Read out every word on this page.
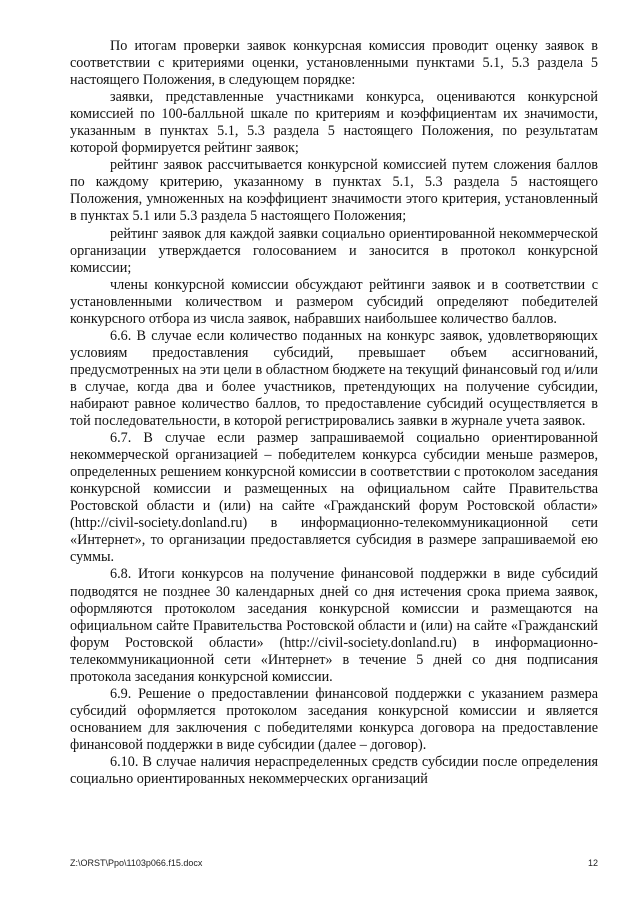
По итогам проверки заявок конкурсная комиссия проводит оценку заявок в соответствии с критериями оценки, установленными пунктами 5.1, 5.3 раздела 5 настоящего Положения, в следующем порядке:

заявки, представленные участниками конкурса, оцениваются конкурсной комиссией по 100-балльной шкале по критериям и коэффициентам их значимости, указанным в пунктах 5.1, 5.3 раздела 5 настоящего Положения, по результатам которой формируется рейтинг заявок;

рейтинг заявок рассчитывается конкурсной комиссией путем сложения баллов по каждому критерию, указанному в пунктах 5.1, 5.3 раздела 5 настоящего Положения, умноженных на коэффициент значимости этого критерия, установленный в пунктах 5.1 или 5.3 раздела 5 настоящего Положения;

рейтинг заявок для каждой заявки социально ориентированной некоммерческой организации утверждается голосованием и заносится в протокол конкурсной комиссии;

члены конкурсной комиссии обсуждают рейтинги заявок и в соответствии с установленными количеством и размером субсидий определяют победителей конкурсного отбора из числа заявок, набравших наибольшее количество баллов.

6.6. В случае если количество поданных на конкурс заявок, удовлетворяющих условиям предоставления субсидий, превышает объем ассигнований, предусмотренных на эти цели в областном бюджете на текущий финансовый год и/или в случае, когда два и более участников, претендующих на получение субсидии, набирают равное количество баллов, то предоставление субсидий осуществляется в той последовательности, в которой регистрировались заявки в журнале учета заявок.

6.7. В случае если размер запрашиваемой социально ориентированной некоммерческой организацией – победителем конкурса субсидии меньше размеров, определенных решением конкурсной комиссии в соответствии с протоколом заседания конкурсной комиссии и размещенных на официальном сайте Правительства Ростовской области и (или) на сайте «Гражданский форум Ростовской области» (http://civil-society.donland.ru) в информационно-телекоммуникационной сети «Интернет», то организации предоставляется субсидия в размере запрашиваемой ею суммы.

6.8. Итоги конкурсов на получение финансовой поддержки в виде субсидий подводятся не позднее 30 календарных дней со дня истечения срока приема заявок, оформляются протоколом заседания конкурсной комиссии и размещаются на официальном сайте Правительства Ростовской области и (или) на сайте «Гражданский форум Ростовской области» (http://civil-society.donland.ru) в информационно-телекоммуникационной сети «Интернет» в течение 5 дней со дня подписания протокола заседания конкурсной комиссии.

6.9. Решение о предоставлении финансовой поддержки с указанием размера субсидий оформляется протоколом заседания конкурсной комиссии и является основанием для заключения с победителями конкурса договора на предоставление финансовой поддержки в виде субсидии (далее – договор).

6.10. В случае наличия нераспределенных средств субсидии после определения социально ориентированных некоммерческих организаций

Z:\ORST\Ppo\1103p066.f15.docx	12
